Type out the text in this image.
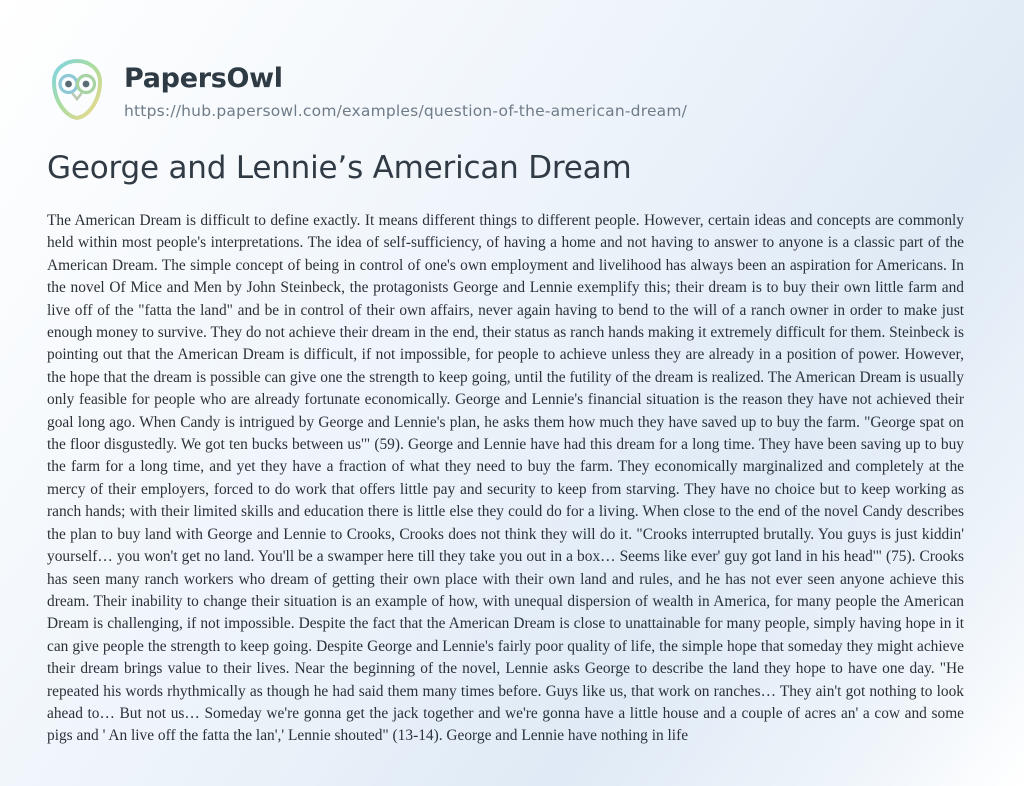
PapersOwl
https://hub.papersowl.com/examples/question-of-the-american-dream/
George and Lennie’s American Dream

The American Dream is difficult to define exactly. It means different things to different people. However, certain ideas and concepts are commonly held within most people's interpretations. The idea of self-sufficiency, of having a home and not having to answer to anyone is a classic part of the American Dream. The simple concept of being in control of one's own employment and livelihood has always been an aspiration for Americans. In the novel Of Mice and Men by John Steinbeck, the protagonists George and Lennie exemplify this; their dream is to buy their own little farm and live off of the "fatta the land" and be in control of their own affairs, never again having to bend to the will of a ranch owner in order to make just enough money to survive. They do not achieve their dream in the end, their status as ranch hands making it extremely difficult for them. Steinbeck is pointing out that the American Dream is difficult, if not impossible, for people to achieve unless they are already in a position of power. However, the hope that the dream is possible can give one the strength to keep going, until the futility of the dream is realized. The American Dream is usually only feasible for people who are already fortunate economically. George and Lennie's financial situation is the reason they have not achieved their goal long ago. When Candy is intrigued by George and Lennie's plan, he asks them how much they have saved up to buy the farm. "George spat on the floor disgustedly. We got ten bucks between us'" (59). George and Lennie have had this dream for a long time. They have been saving up to buy the farm for a long time, and yet they have a fraction of what they need to buy the farm. They economically marginalized and completely at the mercy of their employers, forced to do work that offers little pay and security to keep from starving. They have no choice but to keep working as ranch hands; with their limited skills and education there is little else they could do for a living. When close to the end of the novel Candy describes the plan to buy land with George and Lennie to Crooks, Crooks does not think they will do it. "Crooks interrupted brutally. You guys is just kiddin' yourself… you won't get no land. You'll be a swamper here till they take you out in a box… Seems like ever' guy got land in his head'" (75). Crooks has seen many ranch workers who dream of getting their own place with their own land and rules, and he has not ever seen anyone achieve this dream. Their inability to change their situation is an example of how, with unequal dispersion of wealth in America, for many people the American Dream is challenging, if not impossible. Despite the fact that the American Dream is close to unattainable for many people, simply having hope in it can give people the strength to keep going. Despite George and Lennie's fairly poor quality of life, the simple hope that someday they might achieve their dream brings value to their lives. Near the beginning of the novel, Lennie asks George to describe the land they hope to have one day. "He repeated his words rhythmically as though he had said them many times before. Guys like us, that work on ranches… They ain't got nothing to look ahead to… But not us… Someday we're gonna get the jack together and we're gonna have a little house and a couple of acres an' a cow and some pigs and ' An live off the fatta the lan',' Lennie shouted" (13-14). George and Lennie have nothing in life
